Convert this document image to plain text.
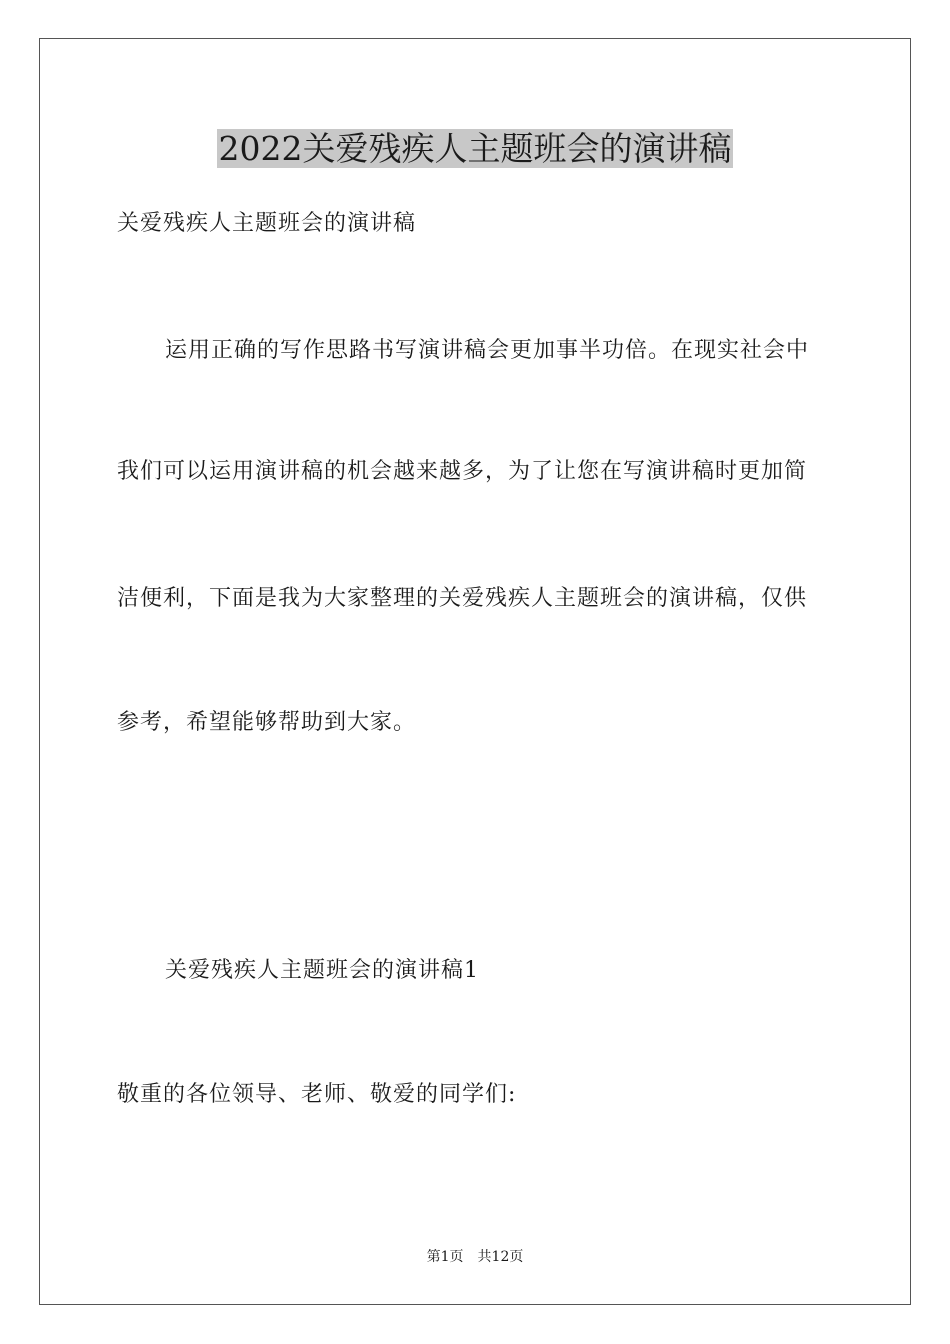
2022关爱残疾人主题班会的演讲稿
关爱残疾人主题班会的演讲稿
运用正确的写作思路书写演讲稿会更加事半功倍。在现实社会中
我们可以运用演讲稿的机会越来越多，为了让您在写演讲稿时更加简
洁便利，下面是我为大家整理的关爱残疾人主题班会的演讲稿，仅供
参考，希望能够帮助到大家。
关爱残疾人主题班会的演讲稿1
敬重的各位领导、老师、敬爱的同学们:
第1页 共12页
